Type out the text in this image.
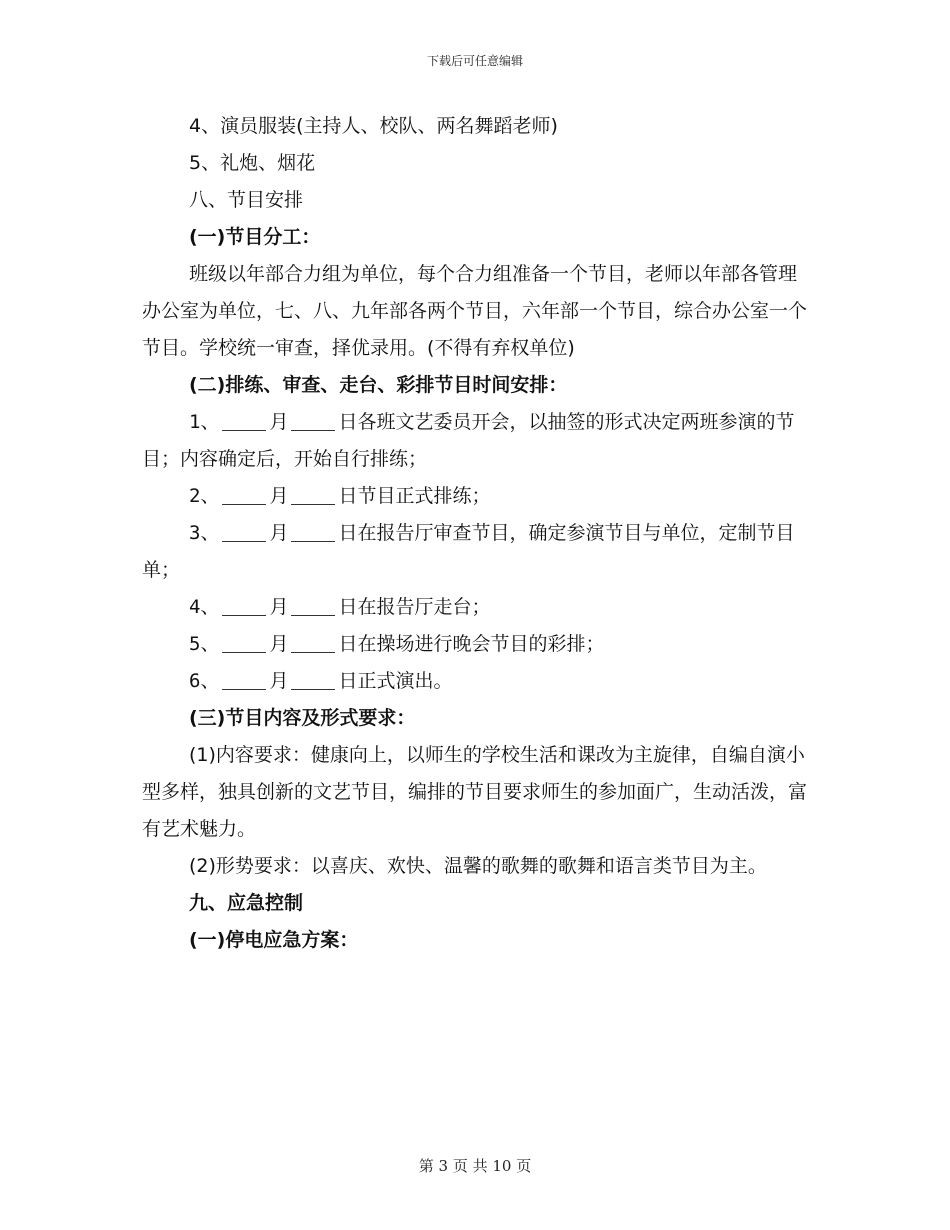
下载后可任意编辑

4、演员服装(主持人、校队、两名舞蹈老师)

5、礼炮、烟花

八、节目安排

(一)节目分工：

班级以年部合力组为单位，每个合力组准备一个节目，老师以年部各管理办公室为单位，七、八、九年部各两个节目，六年部一个节目，综合办公室一个节目。学校统一审查，择优录用。(不得有弃权单位)

(二)排练、审查、走台、彩排节目时间安排：

1、	月	日各班文艺委员开会，以抽签的形式决定两班参演的节目；内容确定后，开始自行排练；

2、	月	日节目正式排练；

3、	月	日在报告厅审查节目，确定参演节目与单位，定制节目单；

4、	月	日在报告厅走台；

5、	月	日在操场进行晚会节目的彩排；

6、	月	日正式演出。

(三)节目内容及形式要求：

(1)内容要求：健康向上，以师生的学校生活和课改为主旋律，自编自演小型多样，独具创新的文艺节目，编排的节目要求师生的参加面广，生动活泼，富有艺术魅力。

(2)形势要求：以喜庆、欢快、温馨的歌舞的歌舞和语言类节目为主。

九、应急控制

(一)停电应急方案：

第 3 页 共 10 页
